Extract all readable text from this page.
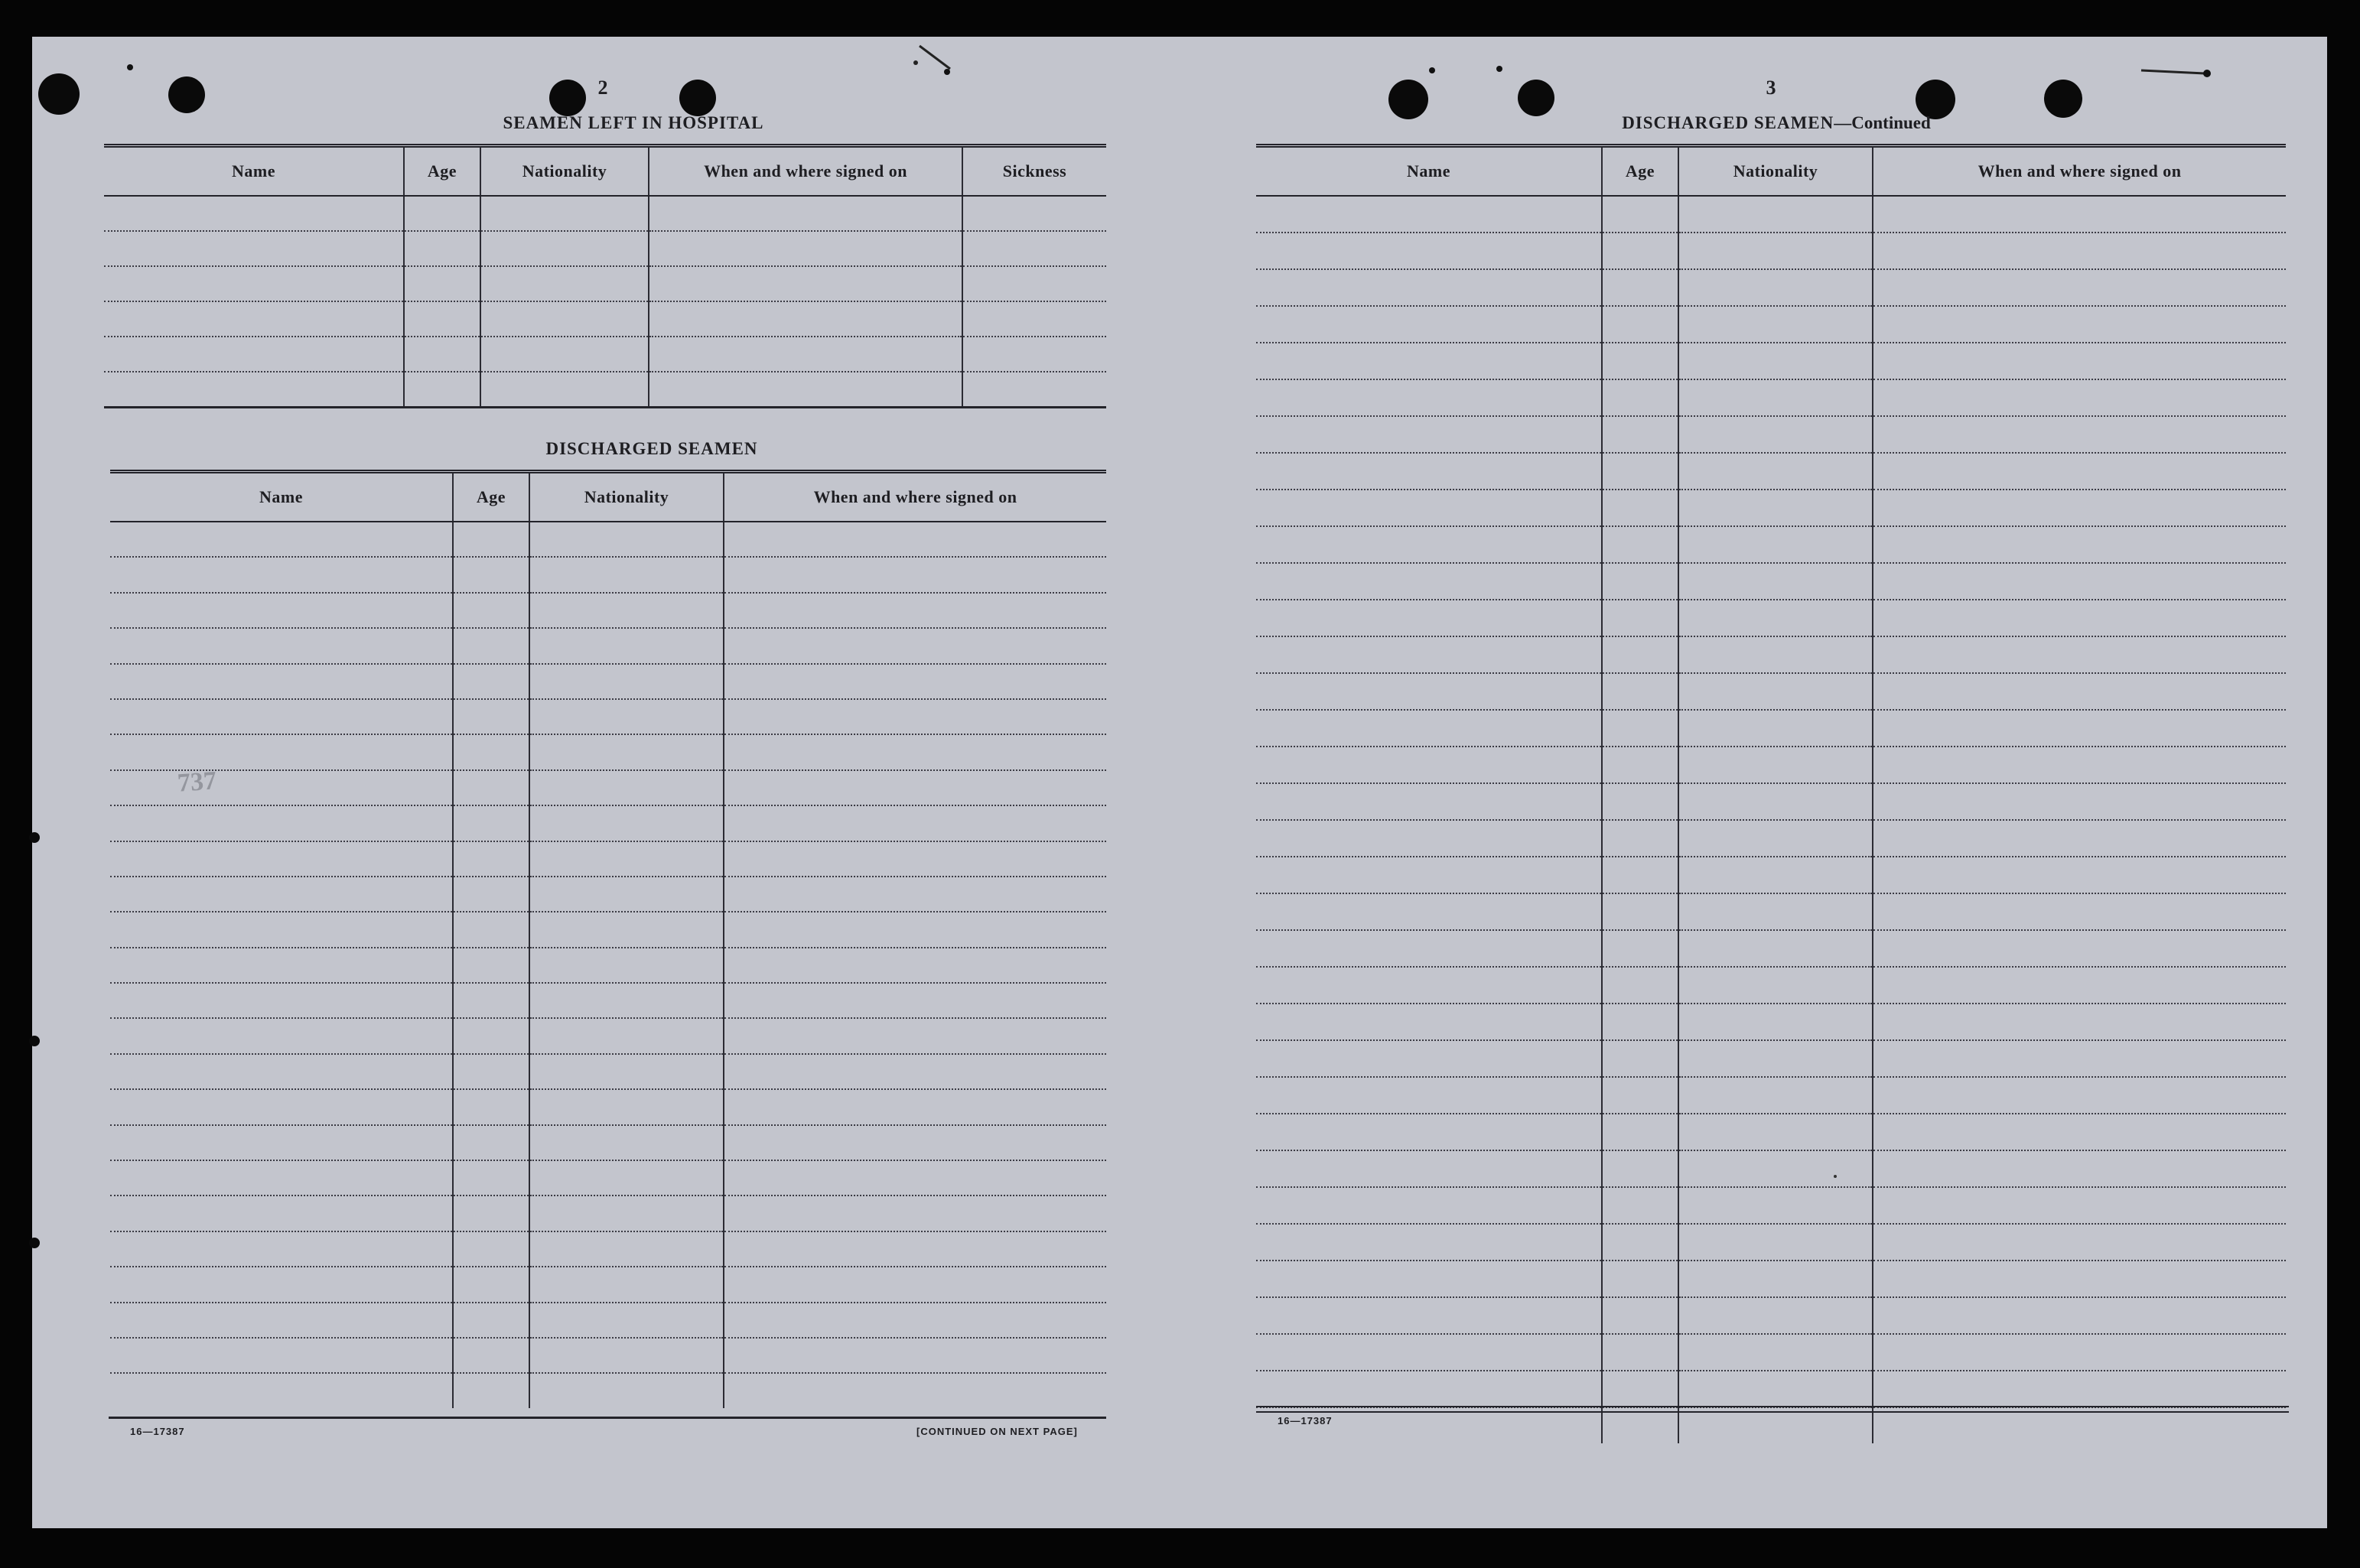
2
SEAMEN LEFT IN HOSPITAL
Name	Age	Nationality	When and where signed on	Sickness

DISCHARGED SEAMEN
Name	Age	Nationality	When and where signed on

737
16—17387	[CONTINUED ON NEXT PAGE]
3
DISCHARGED SEAMEN—Continued
Name	Age	Nationality	When and where signed on

16—17387
